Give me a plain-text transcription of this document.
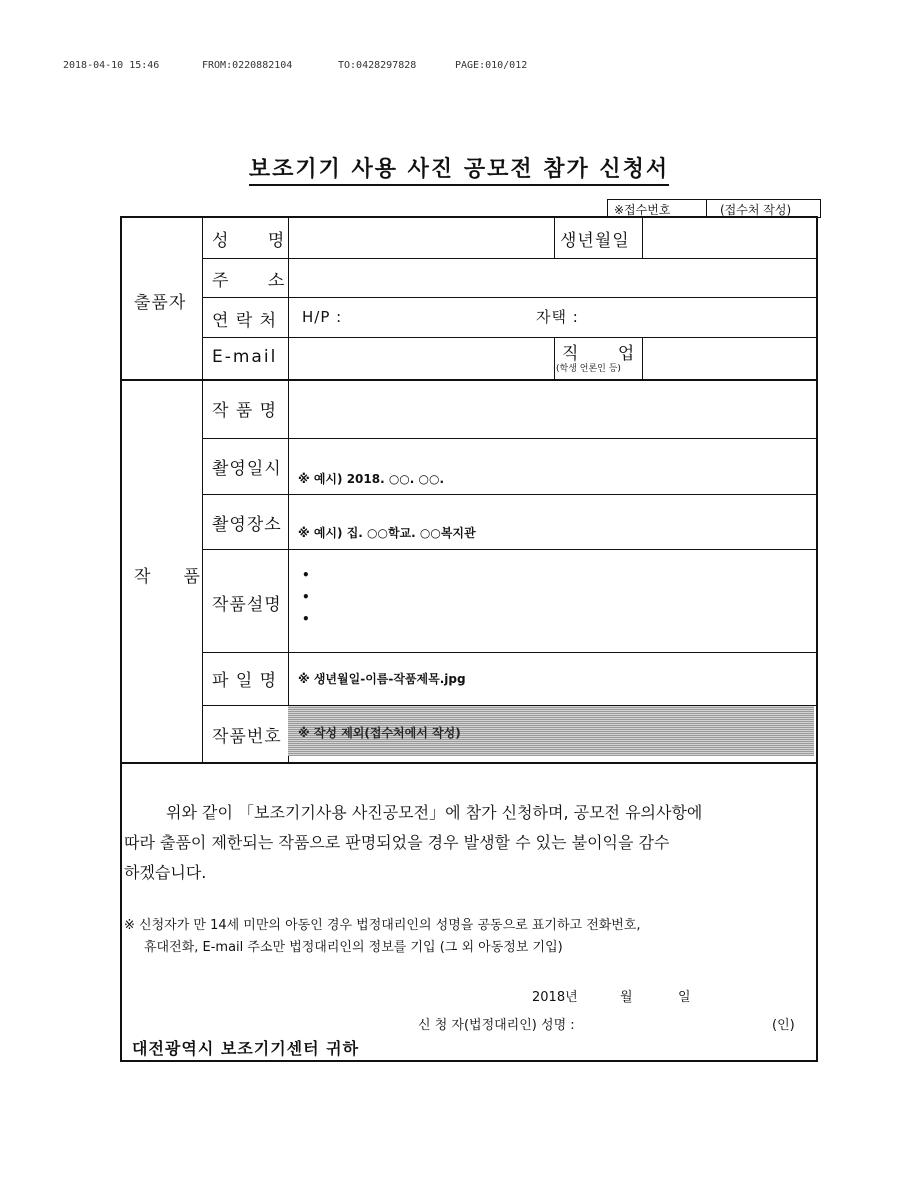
2018-04-10 15:46	FROM:0220882104	TO:0428297828	PAGE:010/012
보조기기 사용 사진 공모전 참가 신청서
※접수번호	(접수처 작성)
출품자
성      명	생년월일
주      소
연 락 처 H/P :	자택 :
E-mail	직      업
(학생 언론인 등)
작     품
작 품 명
촬영일시 ※ 예시) 2018. ○○. ○○.
촬영장소 ※ 예시) 집. ○○학교. ○○복지관
작품설명
•
•
•
파 일 명 ※ 생년월일-이름-작품제목.jpg
작품번호 ※ 작성 제외(접수처에서 작성)
위와 같이 「보조기기사용 사진공모전」에 참가 신청하며, 공모전 유의사항에
따라 출품이 제한되는 작품으로 판명되었을 경우 발생할 수 있는 불이익을 감수
하겠습니다.
※ 신청자가 만 14세 미만의 아동인 경우 법정대리인의 성명을 공동으로 표기하고 전화번호,
휴대전화, E-mail 주소만 법정대리인의 정보를 기입 (그 외 아동정보 기입)
2018년	월	일
신 청 자(법정대리인) 성명 :	(인)
대전광역시 보조기기센터 귀하
